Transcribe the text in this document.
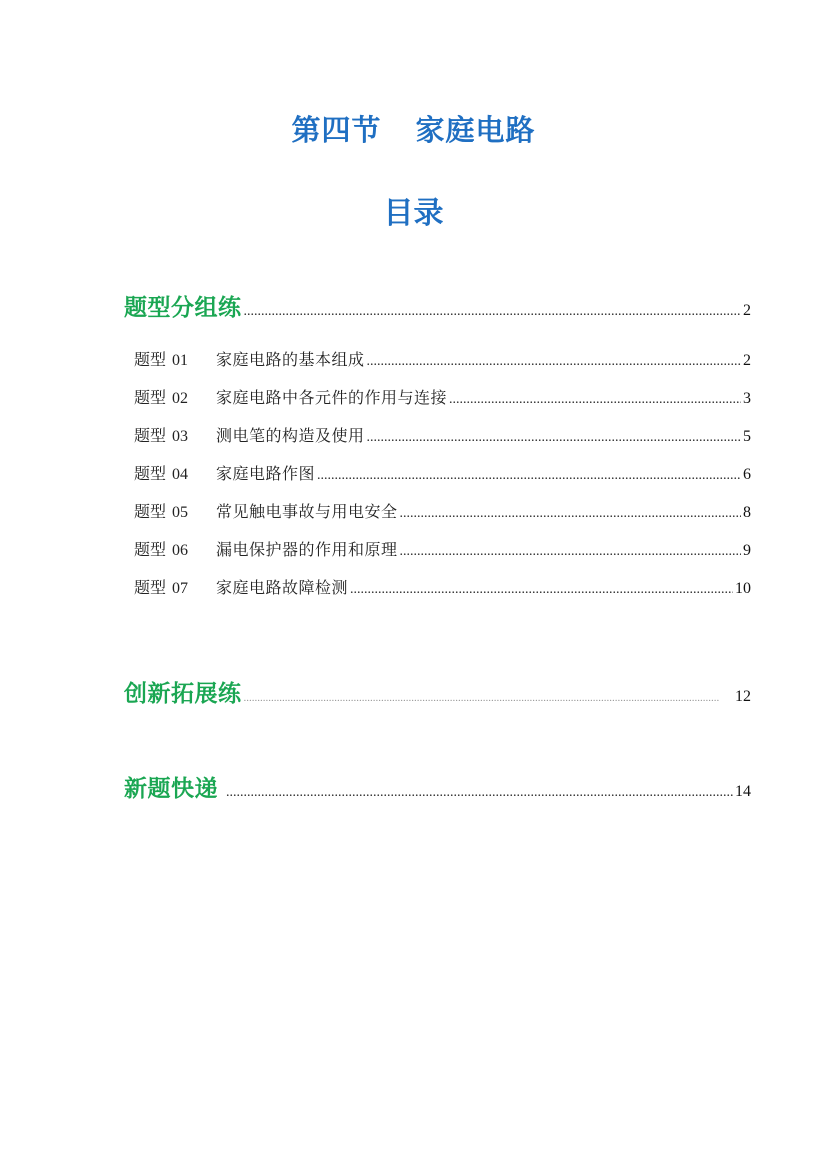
第四节 家庭电路
目录
题型分组练 .....	2
题型 01	家庭电路的基本组成 .....	2
题型 02	家庭电路中各元件的作用与连接 .....	3
题型 03	测电笔的构造及使用 .....	5
题型 04	家庭电路作图 .....	6
题型 05	常见触电事故与用电安全 .....	8
题型 06	漏电保护器的作用和原理 .....	9
题型 07	家庭电路故障检测 .....	10
创新拓展练 .....	12
新题快递 .....	14
